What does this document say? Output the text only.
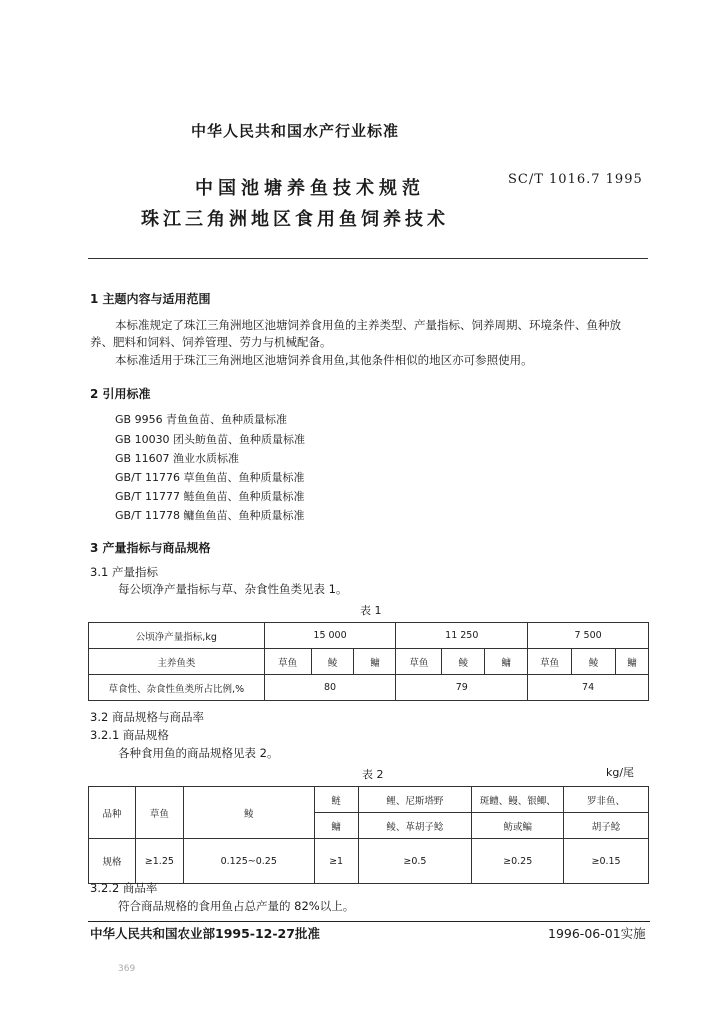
中华人民共和国水产行业标准
中国池塘养鱼技术规范
珠江三角洲地区食用鱼饲养技术
SC/T 1016.7 1995
1 主题内容与适用范围
本标准规定了珠江三角洲地区池塘饲养食用鱼的主养类型、产量指标、饲养周期、环境条件、鱼种放
养、肥料和饲料、饲养管理、劳力与机械配备。
本标准适用于珠江三角洲地区池塘饲养食用鱼,其他条件相似的地区亦可参照使用。
2 引用标准
GB 9956 青鱼鱼苗、鱼种质量标准
GB 10030 团头鲂鱼苗、鱼种质量标准
GB 11607 渔业水质标准
GB/T 11776 草鱼鱼苗、鱼种质量标准
GB/T 11777 鲢鱼鱼苗、鱼种质量标准
GB/T 11778 鳙鱼鱼苗、鱼种质量标准
3 产量指标与商品规格
3.1 产量指标
每公顷净产量指标与草、杂食性鱼类见表 1。
表 1
公顷净产量指标,kg	15 000			11 250			7 500		
主养鱼类	草鱼	鲮	鳙	草鱼	鲮	鳙	草鱼	鲮	鳙
草食性、杂食性鱼类所占比例,%	80			79			74		
3.2 商品规格与商品率
3.2.1 商品规格
各种食用鱼的商品规格见表 2。
表 2	kg/尾
品种	草鱼	鲮	鲢	鲤、尼斯塔野	斑鳢、鳗、银鲫、	罗非鱼、
			鳙	鲮、革胡子鲶	鲂或鳊	胡子鲶
规格	≥1.25	0.125~0.25	≥1	≥0.5	≥0.25	≥0.15
3.2.2 商品率
符合商品规格的食用鱼占总产量的 82%以上。
中华人民共和国农业部1995-12-27批准	1996-06-01实施
369
